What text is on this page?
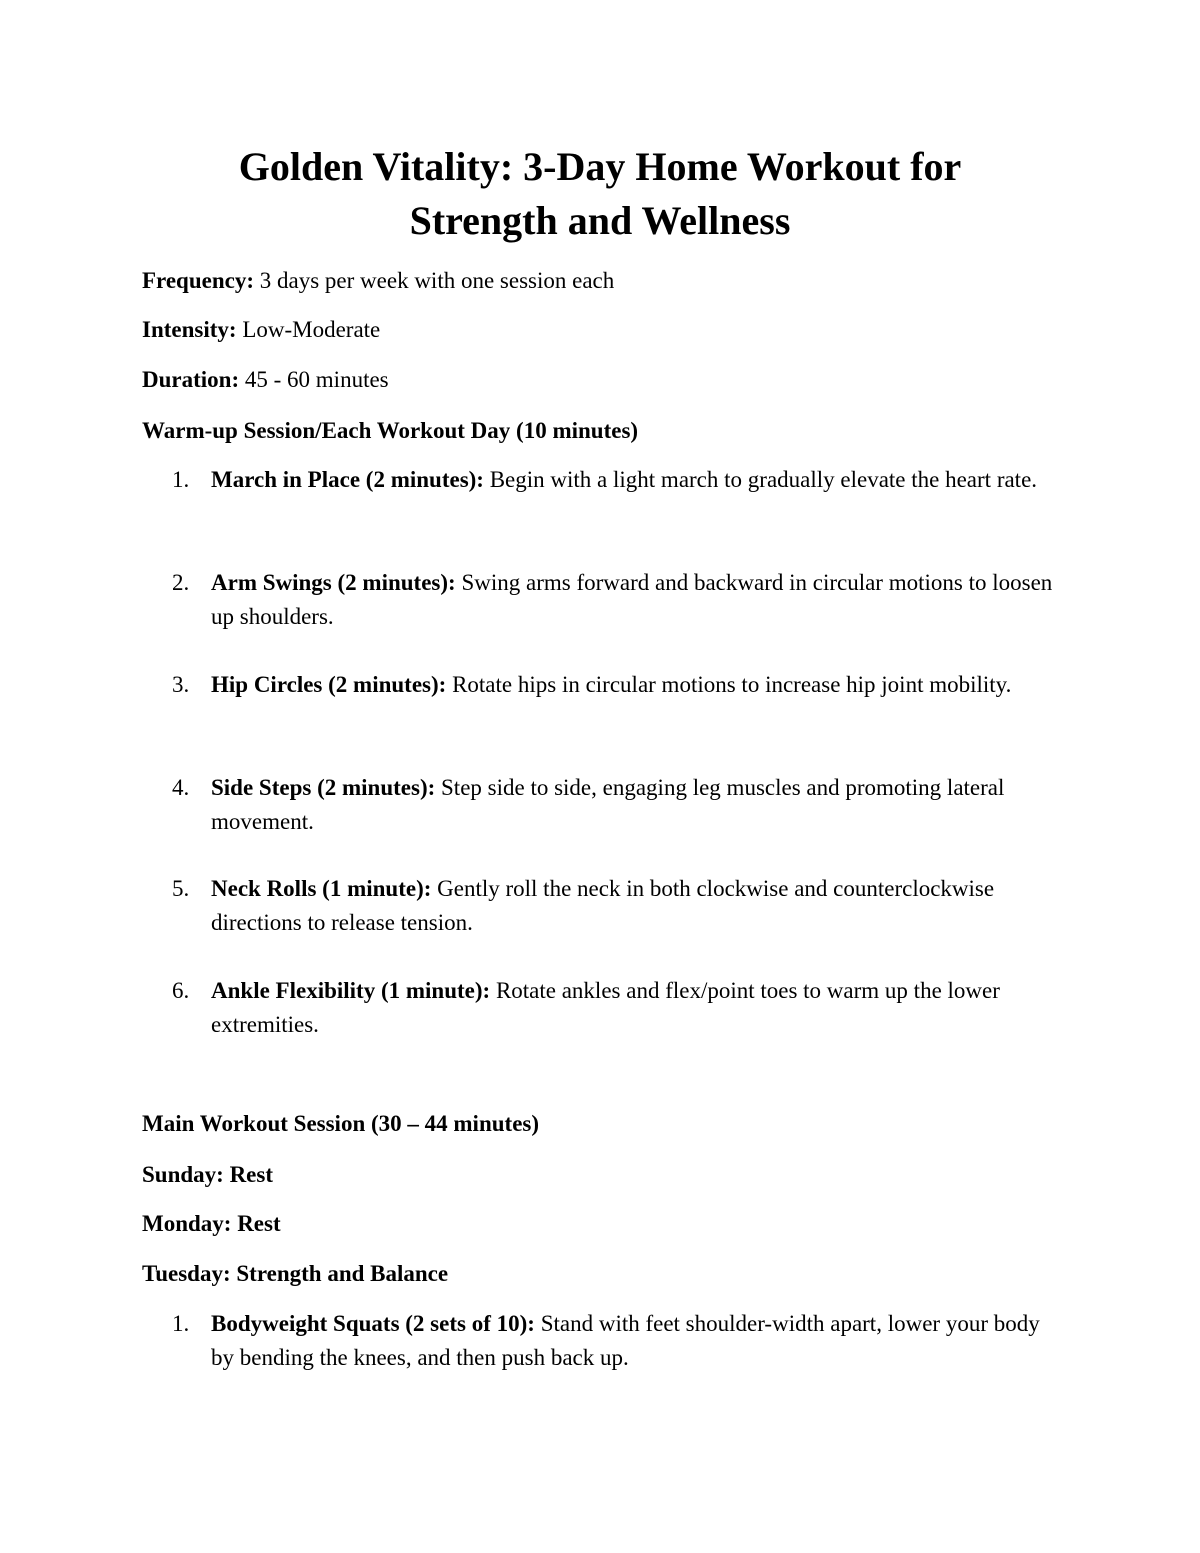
Golden Vitality: 3-Day Home Workout for
Strength and Wellness

Frequency: 3 days per week with one session each

Intensity: Low-Moderate

Duration: 45 - 60 minutes

Warm-up Session/Each Workout Day (10 minutes)

1. March in Place (2 minutes): Begin with a light march to gradually elevate the heart rate.
2. Arm Swings (2 minutes): Swing arms forward and backward in circular motions to loosen up shoulders.
3. Hip Circles (2 minutes): Rotate hips in circular motions to increase hip joint mobility.
4. Side Steps (2 minutes): Step side to side, engaging leg muscles and promoting lateral movement.
5. Neck Rolls (1 minute): Gently roll the neck in both clockwise and counterclockwise directions to release tension.
6. Ankle Flexibility (1 minute): Rotate ankles and flex/point toes to warm up the lower extremities.

Main Workout Session (30 – 44 minutes)

Sunday: Rest

Monday: Rest

Tuesday: Strength and Balance

1. Bodyweight Squats (2 sets of 10): Stand with feet shoulder-width apart, lower your body by bending the knees, and then push back up.
